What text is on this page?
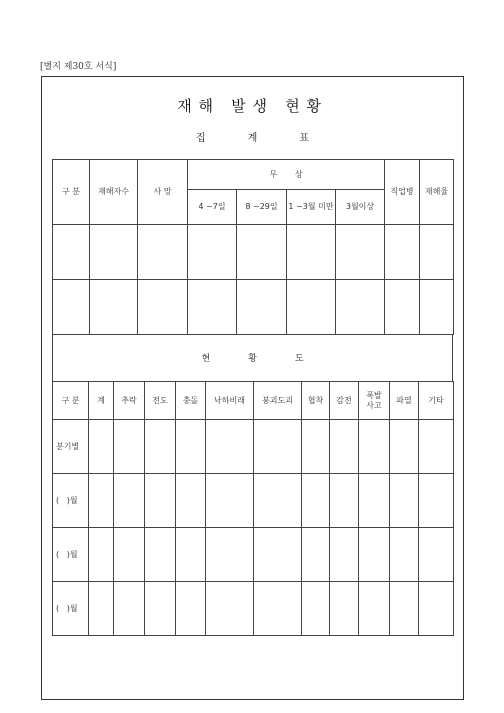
[별지 제30호 서식]
재해 발생 현황
집	계	표
구 분	재해자수	사 망	무       상				직업병	재해율
			4 ~7일	8 ~29일	1 ~3월 미만	3월이상		

현	황	도
구 분	계	추락	전도	충돌	낙하비래	붕괴도괴	협착	감전	폭발 사고	파열	기타
분기별											
(   )월											
(   )월											
(   )월											
